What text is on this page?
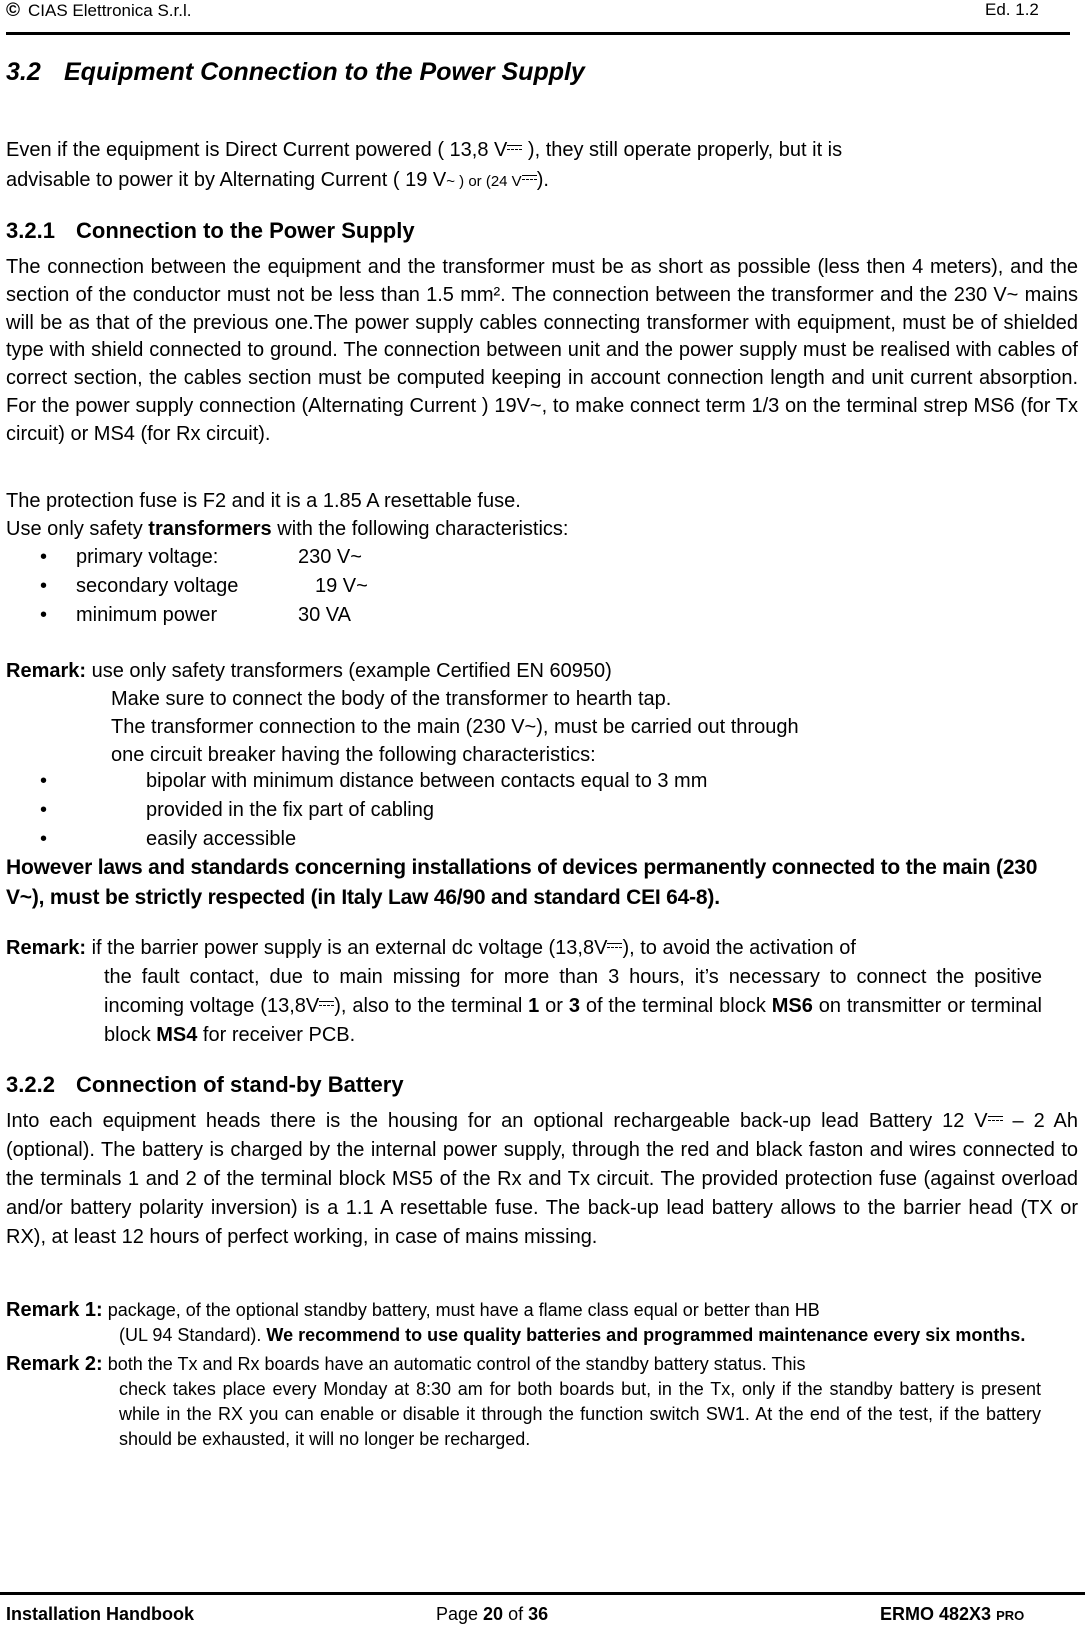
© CIAS Elettronica S.r.l.	Ed. 1.2
3.2 Equipment Connection to the Power Supply

Even if the equipment is Direct Current powered ( 13,8 V ), they still operate properly, but it is
advisable to power it by Alternating Current ( 19 V~ ) or (24 V ).

3.2.1 Connection to the Power Supply

The connection between the equipment and the transformer must be as short as possible (less then 4 meters), and the section of the conductor must not be less than 1.5 mm². The connection between the transformer and the 230 V~ mains will be as that of the previous one.The power supply cables connecting transformer with equipment, must be of shielded type with shield connected to ground. The connection between unit and the power supply must be realised with cables of correct section, the cables section must be computed keeping in account connection length and unit current absorption. For the power supply connection (Alternating Current ) 19V~, to make connect term 1/3 on the terminal strep MS6 (for Tx circuit) or MS4 (for Rx circuit).

The protection fuse is F2 and it is a 1.85 A resettable fuse.
Use only safety transformers with the following characteristics:
• primary voltage:	230 V~
• secondary voltage	19 V~
• minimum power	30 VA
Remark: use only safety transformers (example Certified EN 60950)
Make sure to connect the body of the transformer to hearth tap.
The transformer connection to the main (230 V~), must be carried out through
one circuit breaker having the following characteristics:
•	bipolar with minimum distance between contacts equal to 3 mm
•	provided in the fix part of cabling
•	easily accessible

However laws and standards concerning installations of devices permanently connected to the main (230 V~), must be strictly respected (in Italy Law 46/90 and standard CEI 64-8).

Remark: if the barrier power supply is an external dc voltage (13,8V ), to avoid the activation of

the fault contact, due to main missing for more than 3 hours, it’s necessary to connect the positive incoming voltage (13,8V ), also to the terminal 1 or 3 of the terminal block MS6 on transmitter or terminal block MS4 for receiver PCB.

3.2.2 Connection of stand-by Battery

Into each equipment heads there is the housing for an optional rechargeable back-up lead Battery 12 V – 2 Ah (optional). The battery is charged by the internal power supply, through the red and black faston and wires connected to the terminals 1 and 2 of the terminal block MS5 of the Rx and Tx circuit. The provided protection fuse (against overload and/or battery polarity inversion) is a 1.1 A resettable fuse. The back-up lead battery allows to the barrier head (TX or RX), at least 12 hours of perfect working, in case of mains missing.

Remark 1: package, of the optional standby battery, must have a flame class equal or better than HB

(UL 94 Standard). We recommend to use quality batteries and programmed maintenance every six months.

Remark 2: both the Tx and Rx boards have an automatic control of the standby battery status. This

check takes place every Monday at 8:30 am for both boards but, in the Tx, only if the standby battery is present while in the RX you can enable or disable it through the function switch SW1. At the end of the test, if the battery should be exhausted, it will no longer be recharged.

Installation Handbook	Page 20 of 36	ERMO 482X3 PRO
